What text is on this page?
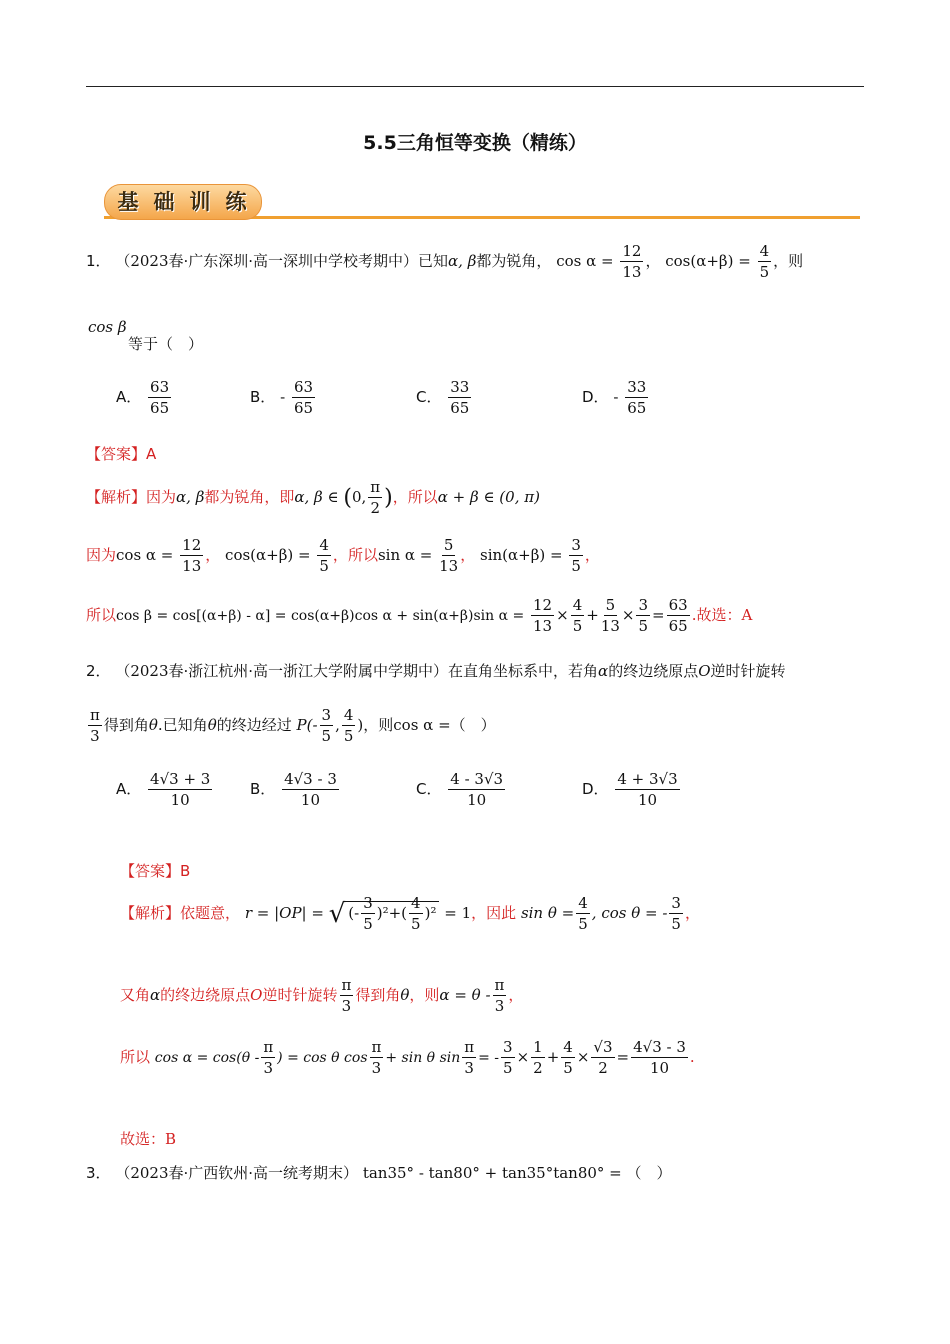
5.5三角恒等变换（精练）
基 础 训 练
1． （2023春·广东深圳·高一深圳中学校考期中）已知α, β都为锐角， $\cos \alpha = \frac{12}{13}$ ， $\cos(\alpha+\beta) = \frac{4}{5}$ ，则
cos β
等于（　）
A． $\frac{63}{65}$	B． - $\frac{63}{65}$	C． $\frac{33}{65}$	D． - $\frac{33}{65}$
【答案】A
【解析】因为α, β都为锐角，即α, β ∈ (0, $\frac{\pi}{2}$ )，所以α + β ∈ (0, π)
因为$\cos \alpha = \frac{12}{13}$ ， $\cos(\alpha+\beta) = \frac{4}{5}$ ，所以$\sin \alpha = \frac{5}{13}$ ， $\sin(\alpha+\beta) = \frac{3}{5}$ ，
所以cos β = cos[(α+β) - α] = cos(α+β)cos α + sin(α+β)sin $\alpha = \frac{12}{13} \times \frac{4}{5} + \frac{5}{13} \times \frac{3}{5} = \frac{63}{65}$ .故选：A
2． （2023春·浙江杭州·高一浙江大学附属中学期中）在直角坐标系中，若角α的终边绕原点O逆时针旋转
$\frac{\pi}{3}$ 得到角θ.已知角θ的终边经过 $P(- \frac{3}{5}$ , $\frac{4}{5}$ )，则cos α =（　）
A． $\frac{4√3 + 3}{10}$	B． $\frac{4√3 - 3}{10}$	C． $\frac{4 - 3√3}{10}$	D． $\frac{4 + 3√3}{10}$
【答案】B
【解析】依题意， r = |OP| = √ (- $\frac{3}{5} )^2+( \frac{4}{5} )^2 = 1$，因此 $\sin \theta = \frac{4}{5}$ , cos θ = - $\frac{3}{5}$ ，
又角α的终边绕原点O逆时针旋转 $\frac{\pi}{3}$ 得到角θ，则$\alpha = \theta - \frac{\pi}{3}$ ，
所以 $\cos \alpha = \cos(\theta - \frac{\pi}{3}$ ) = cos θ $\cos \frac{\pi}{3} + \sin \theta$ $\sin \frac{\pi}{3}$ = - $\frac{3}{5} \times \frac{1}{2} + \frac{4}{5} \times \frac{√3}{2} = \frac{4√3 - 3}{10}$ .
故选：B
3． （2023春·广西钦州·高一统考期末） tan35° - tan80° + tan35°tan80° = （　）
